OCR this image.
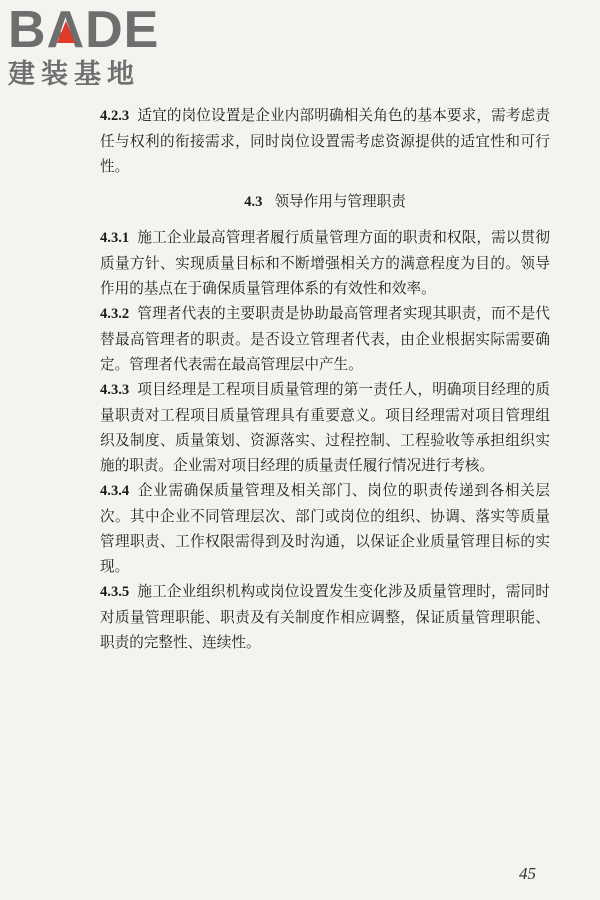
BA
DE
建装基地

4.2.3 适宜的岗位设置是企业内部明确相关角色的基本要求，需考虑责任与权利的衔接需求，同时岗位设置需考虑资源提供的适宜性和可行性。

4.3 领导作用与管理职责

4.3.1 施工企业最高管理者履行质量管理方面的职责和权限，需以贯彻质量方针、实现质量目标和不断增强相关方的满意程度为目的。领导作用的基点在于确保质量管理体系的有效性和效率。

4.3.2 管理者代表的主要职责是协助最高管理者实现其职责，而不是代替最高管理者的职责。是否设立管理者代表，由企业根据实际需要确定。管理者代表需在最高管理层中产生。

4.3.3 项目经理是工程项目质量管理的第一责任人，明确项目经理的质量职责对工程项目质量管理具有重要意义。项目经理需对项目管理组织及制度、质量策划、资源落实、过程控制、工程验收等承担组织实施的职责。企业需对项目经理的质量责任履行情况进行考核。

4.3.4 企业需确保质量管理及相关部门、岗位的职责传递到各相关层次。其中企业不同管理层次、部门或岗位的组织、协调、落实等质量管理职责、工作权限需得到及时沟通，以保证企业质量管理目标的实现。

4.3.5 施工企业组织机构或岗位设置发生变化涉及质量管理时，需同时对质量管理职能、职责及有关制度作相应调整，保证质量管理职能、职责的完整性、连续性。

45
